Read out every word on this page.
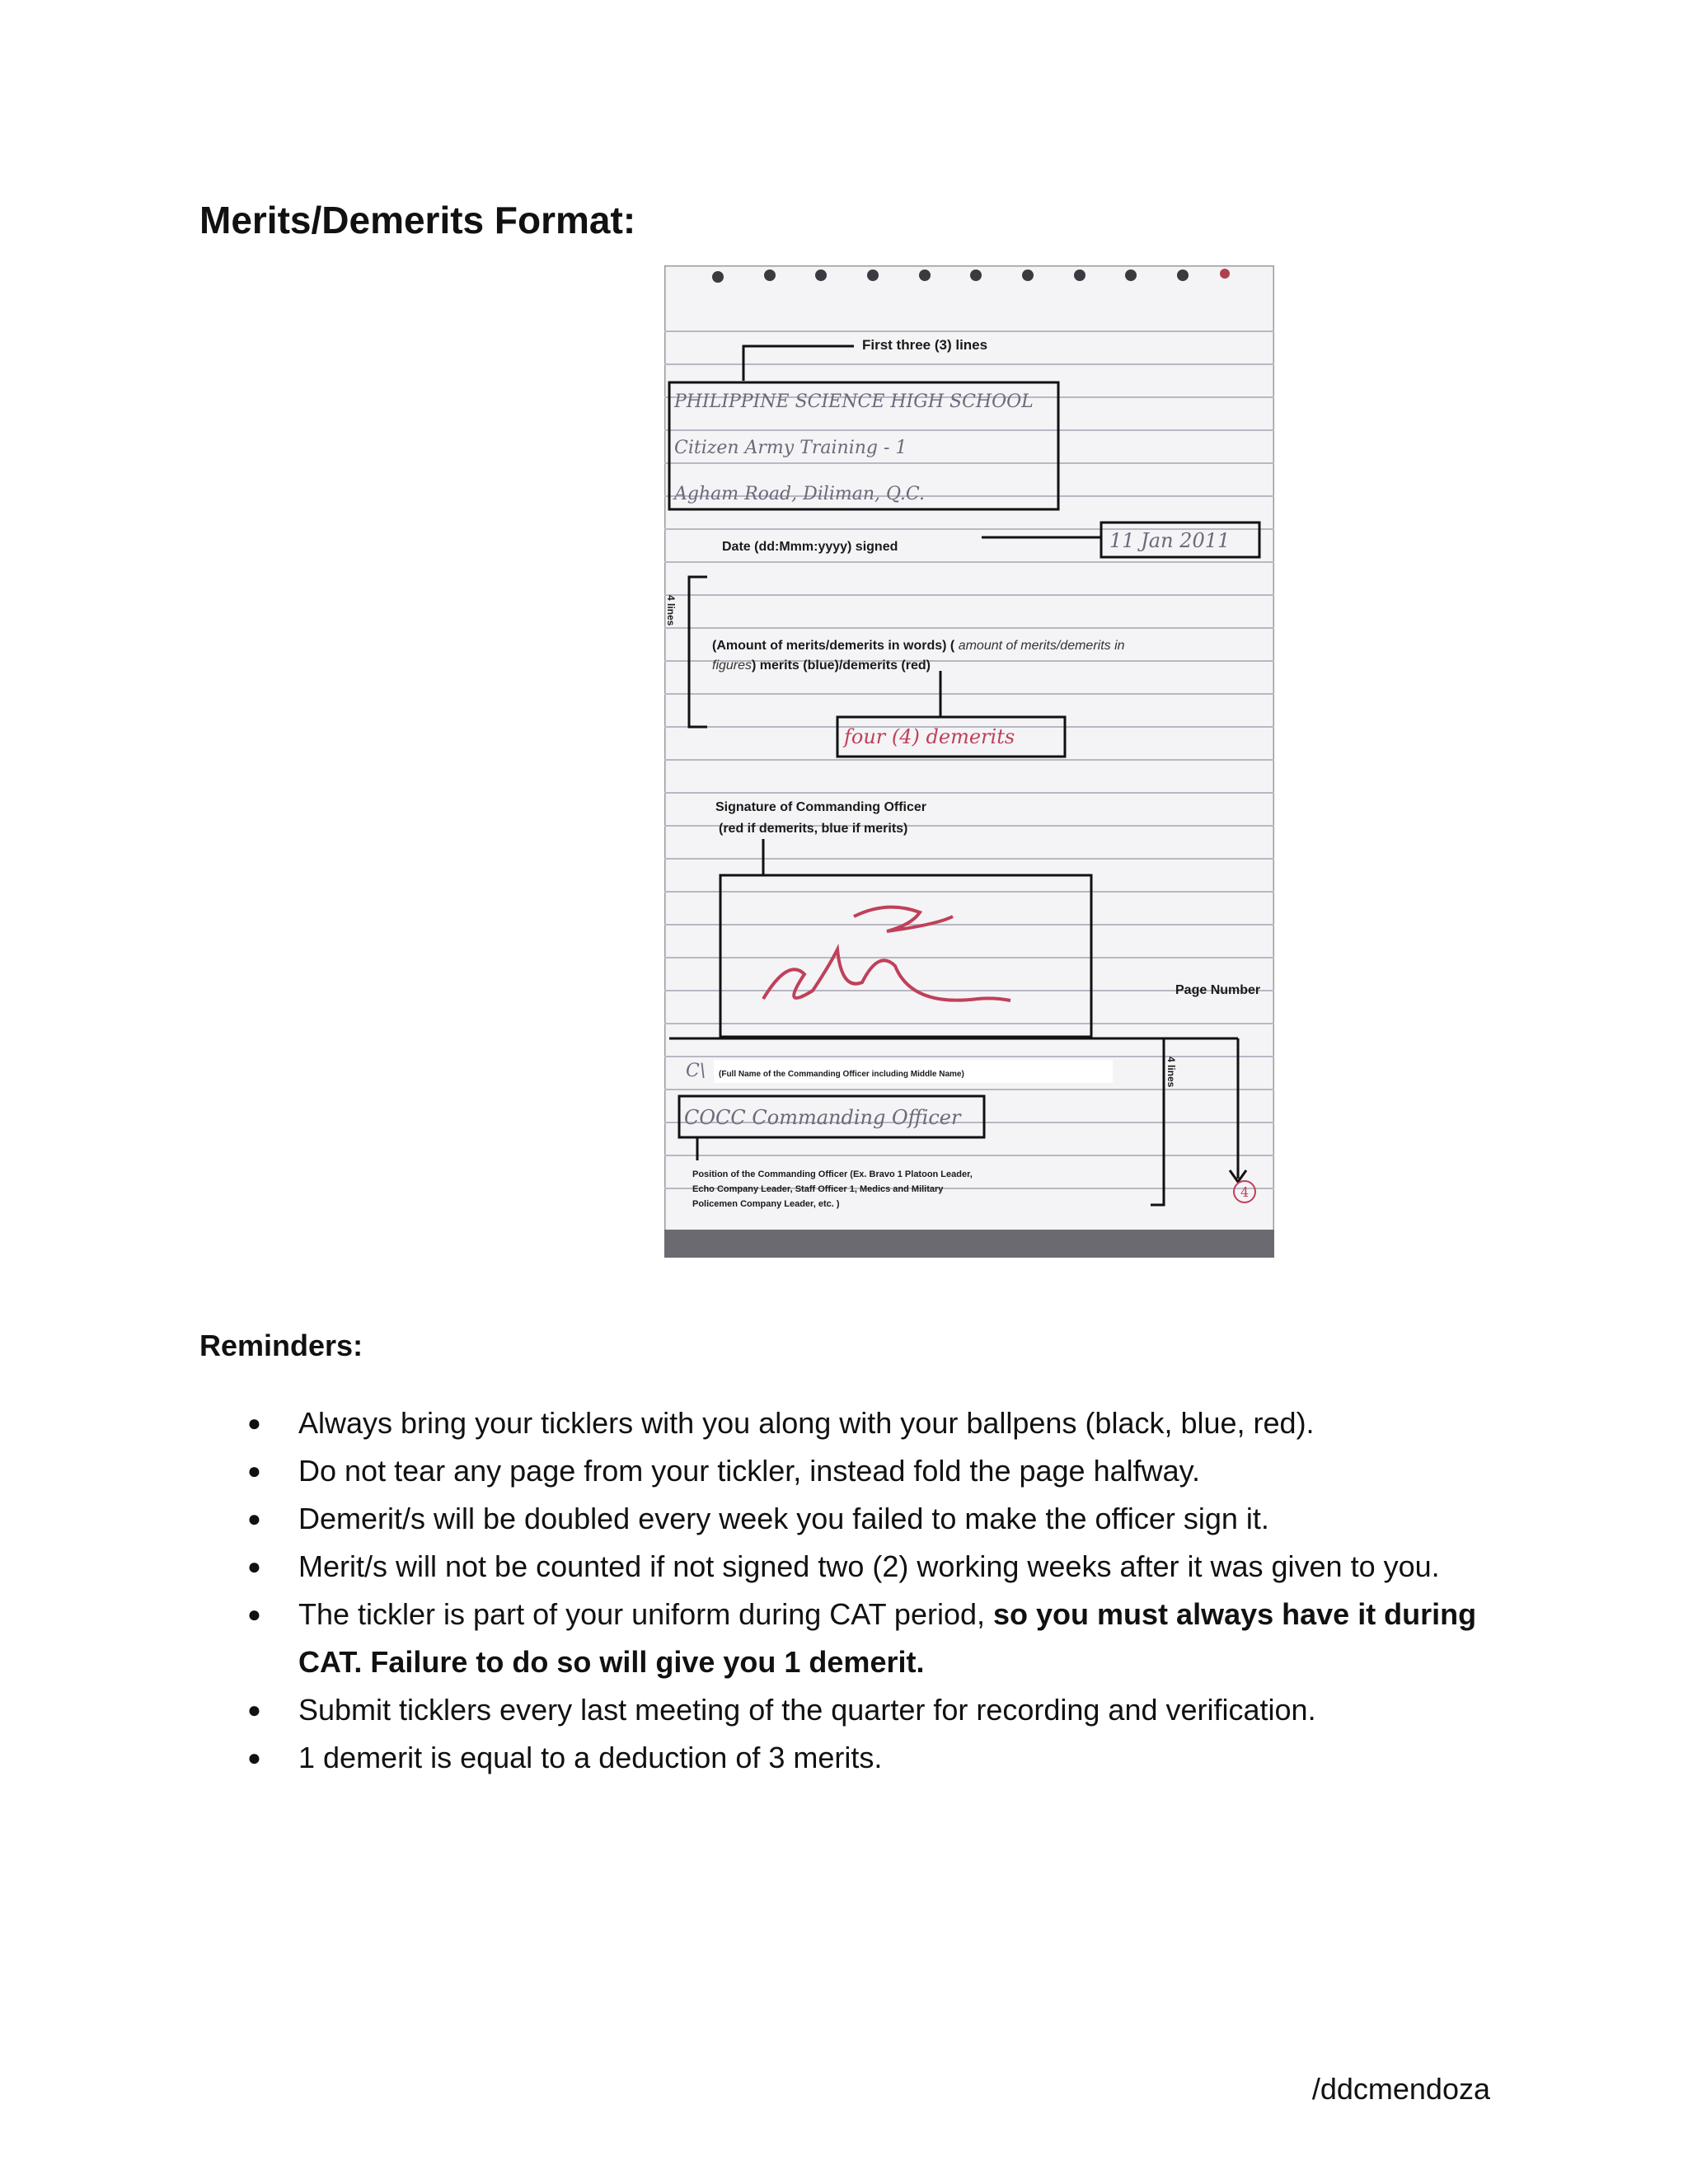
Merits/Demerits Format:
First three (3) lines
PHILIPPINE SCIENCE HIGH SCHOOL
Citizen Army Training - 1
Agham Road, Diliman, Q.C.
Date (dd:Mmm:yyyy) signed	11 Jan 2011
4 lines
(Amount of merits/demerits in words) ( amount of merits/demerits in
figures) merits (blue)/demerits (red)
four (4) demerits
Signature of Commanding Officer
(red if demerits, blue if merits)
Page Number
4
4 lines
C\ (Full Name of the Commanding Officer including Middle Name)
COCC Commanding Officer
Position of the Commanding Officer (Ex. Bravo 1 Platoon Leader,
Echo Company Leader, Staff Officer 1, Medics and Military
Policemen Company Leader, etc. )
Reminders:
● Always bring your ticklers with you along with your ballpens (black, blue, red).
● Do not tear any page from your tickler, instead fold the page halfway.
● Demerit/s will be doubled every week you failed to make the officer sign it.
● Merit/s will not be counted if not signed two (2) working weeks after it was given to you.
● The tickler is part of your uniform during CAT period, so you must always have it during CAT. Failure to do so will give you 1 demerit.
● Submit ticklers every last meeting of the quarter for recording and verification.
● 1 demerit is equal to a deduction of 3 merits.
/ddcmendoza
